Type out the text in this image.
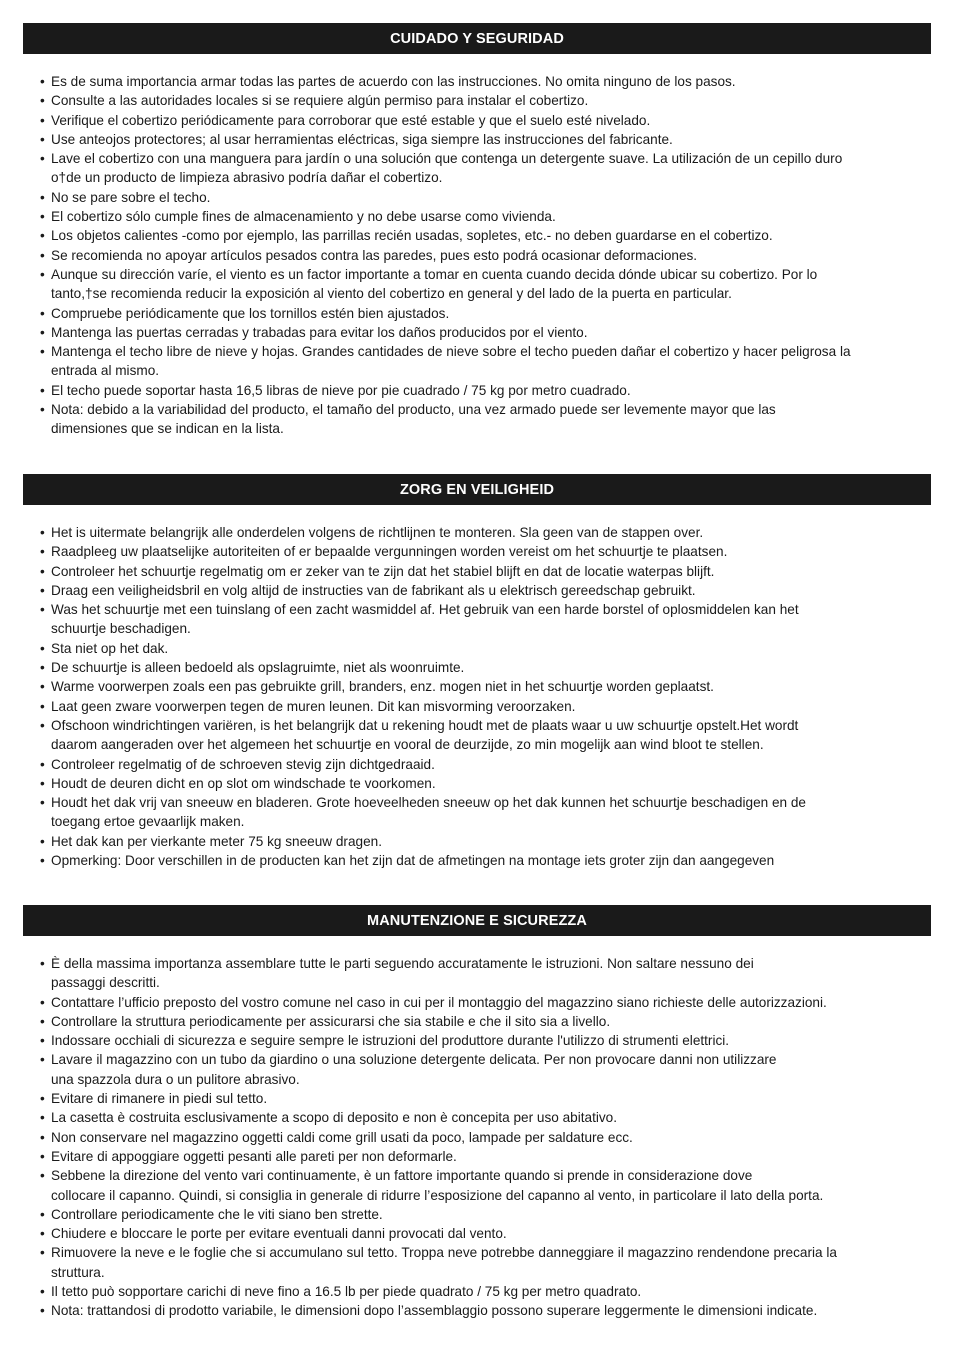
CUIDADO Y SEGURIDAD
• Es de suma importancia armar todas las partes de acuerdo con las instrucciones. No omita ninguno de los pasos.
• Consulte a las autoridades locales si se requiere algún permiso para instalar el cobertizo.
• Verifique el cobertizo periódicamente para corroborar que esté estable y que el suelo esté nivelado.
• Use anteojos protectores; al usar herramientas eléctricas, siga siempre las instrucciones del fabricante.
• Lave el cobertizo con una manguera para jardín o una solución que contenga un detergente suave. La utilización de un cepillo duro
o†de un producto de limpieza abrasivo podría dañar el cobertizo.
• No se pare sobre el techo.
• El cobertizo sólo cumple fines de almacenamiento y no debe usarse como vivienda.
• Los objetos calientes -como por ejemplo, las parrillas recién usadas, sopletes, etc.- no deben guardarse en el cobertizo.
• Se recomienda no apoyar artículos pesados contra las paredes, pues esto podrá ocasionar deformaciones.
• Aunque su dirección varíe, el viento es un factor importante a tomar en cuenta cuando decida dónde ubicar su cobertizo. Por lo
tanto,†se recomienda reducir la exposición al viento del cobertizo en general y del lado de la puerta en particular.
• Compruebe periódicamente que los tornillos estén bien ajustados.
• Mantenga las puertas cerradas y trabadas para evitar los daños producidos por el viento.
• Mantenga el techo libre de nieve y hojas. Grandes cantidades de nieve sobre el techo pueden dañar el cobertizo y hacer peligrosa la
entrada al mismo.
• El techo puede soportar hasta 16,5 libras de nieve por pie cuadrado / 75 kg por metro cuadrado.
• Nota: debido a la variabilidad del producto, el tamaño del producto, una vez armado puede ser levemente mayor que las
dimensiones que se indican en la lista.
ZORG EN VEILIGHEID
• Het is uitermate belangrijk alle onderdelen volgens de richtlijnen te monteren. Sla geen van de stappen over.
• Raadpleeg uw plaatselijke autoriteiten of er bepaalde vergunningen worden vereist om het schuurtje te plaatsen.
• Controleer het schuurtje regelmatig om er zeker van te zijn dat het stabiel blijft en dat de locatie waterpas blijft.
• Draag een veiligheidsbril en volg altijd de instructies van de fabrikant als u elektrisch gereedschap gebruikt.
• Was het schuurtje met een tuinslang of een zacht wasmiddel af. Het gebruik van een harde borstel of oplosmiddelen kan het
schuurtje beschadigen.
• Sta niet op het dak.
• De schuurtje is alleen bedoeld als opslagruimte, niet als woonruimte.
• Warme voorwerpen zoals een pas gebruikte grill, branders, enz. mogen niet in het schuurtje worden geplaatst.
• Laat geen zware voorwerpen tegen de muren leunen. Dit kan misvorming veroorzaken.
• Ofschoon windrichtingen variëren, is het belangrijk dat u rekening houdt met de plaats waar u uw schuurtje opstelt.Het wordt
daarom aangeraden over het algemeen het schuurtje en vooral de deurzijde, zo min mogelijk aan wind bloot te stellen.
• Controleer regelmatig of de schroeven stevig zijn dichtgedraaid.
• Houdt de deuren dicht en op slot om windschade te voorkomen.
• Houdt het dak vrij van sneeuw en bladeren. Grote hoeveelheden sneeuw op het dak kunnen het schuurtje beschadigen en de
toegang ertoe gevaarlijk maken.
• Het dak kan per vierkante meter 75 kg sneeuw dragen.
• Opmerking: Door verschillen in de producten kan het zijn dat de afmetingen na montage iets groter zijn dan aangegeven
MANUTENZIONE E SICUREZZA
• È della massima importanza assemblare tutte le parti seguendo accuratamente le istruzioni. Non saltare nessuno dei
passaggi descritti.
• Contattare l’ufficio preposto del vostro comune nel caso in cui per il montaggio del magazzino siano richieste delle autorizzazioni.
• Controllare la struttura periodicamente per assicurarsi che sia stabile e che il sito sia a livello.
• Indossare occhiali di sicurezza e seguire sempre le istruzioni del produttore durante l'utilizzo di strumenti elettrici.
• Lavare il magazzino con un tubo da giardino o una soluzione detergente delicata. Per non provocare danni non utilizzare
una spazzola dura o un pulitore abrasivo.
• Evitare di rimanere in piedi sul tetto.
• La casetta è costruita esclusivamente a scopo di deposito e non è concepita per uso abitativo.
• Non conservare nel magazzino oggetti caldi come grill usati da poco, lampade per saldature ecc.
• Evitare di appoggiare oggetti pesanti alle pareti per non deformarle.
• Sebbene la direzione del vento vari continuamente, è un fattore importante quando si prende in considerazione dove
collocare il capanno. Quindi, si consiglia in generale di ridurre l’esposizione del capanno al vento, in particolare il lato della porta.
• Controllare periodicamente che le viti siano ben strette.
• Chiudere e bloccare le porte per evitare eventuali danni provocati dal vento.
• Rimuovere la neve e le foglie che si accumulano sul tetto. Troppa neve potrebbe danneggiare il magazzino rendendone precaria la
struttura.
• Il tetto può sopportare carichi di neve fino a 16.5 lb per piede quadrato / 75 kg per metro quadrato.
• Nota: trattandosi di prodotto variabile, le dimensioni dopo l’assemblaggio possono superare leggermente le dimensioni indicate.
